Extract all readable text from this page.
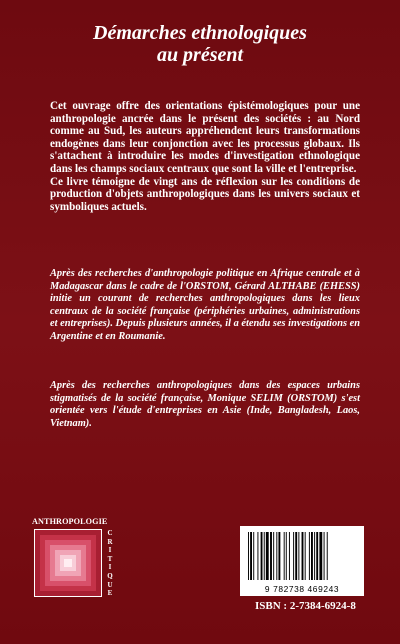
Démarches ethnologiques
au présent

Cet ouvrage offre des orientations épistémologiques pour une anthropologie ancrée dans le présent des sociétés : au Nord comme au Sud, les auteurs appréhendent leurs transformations endogènes dans leur conjonction avec les processus globaux. Ils s'attachent à introduire les modes d'investigation ethnologique dans les champs sociaux centraux que sont la ville et l'entreprise.

Ce livre témoigne de vingt ans de réflexion sur les conditions de production d'objets anthropologiques dans les univers sociaux et symboliques actuels.

Après des recherches d'anthropologie politique en Afrique centrale et à Madagascar dans le cadre de l'ORSTOM, Gérard ALTHABE (EHESS) initie un courant de recherches anthropologiques dans les lieux centraux de la société française (périphéries urbaines, administrations et entreprises). Depuis plusieurs années, il a étendu ses investigations en Argentine et en Roumanie.
Après des recherches anthropologiques dans des espaces urbains stigmatisés de la société française, Monique SELIM (ORSTOM) s'est orientée vers l'étude d'entreprises en Asie (Inde, Bangladesh, Laos, Vietnam).
ANTHROPOLOGIE
C
R
I
T
I
Q
U
E	9 782738 469243
ISBN : 2-7384-6924-8
